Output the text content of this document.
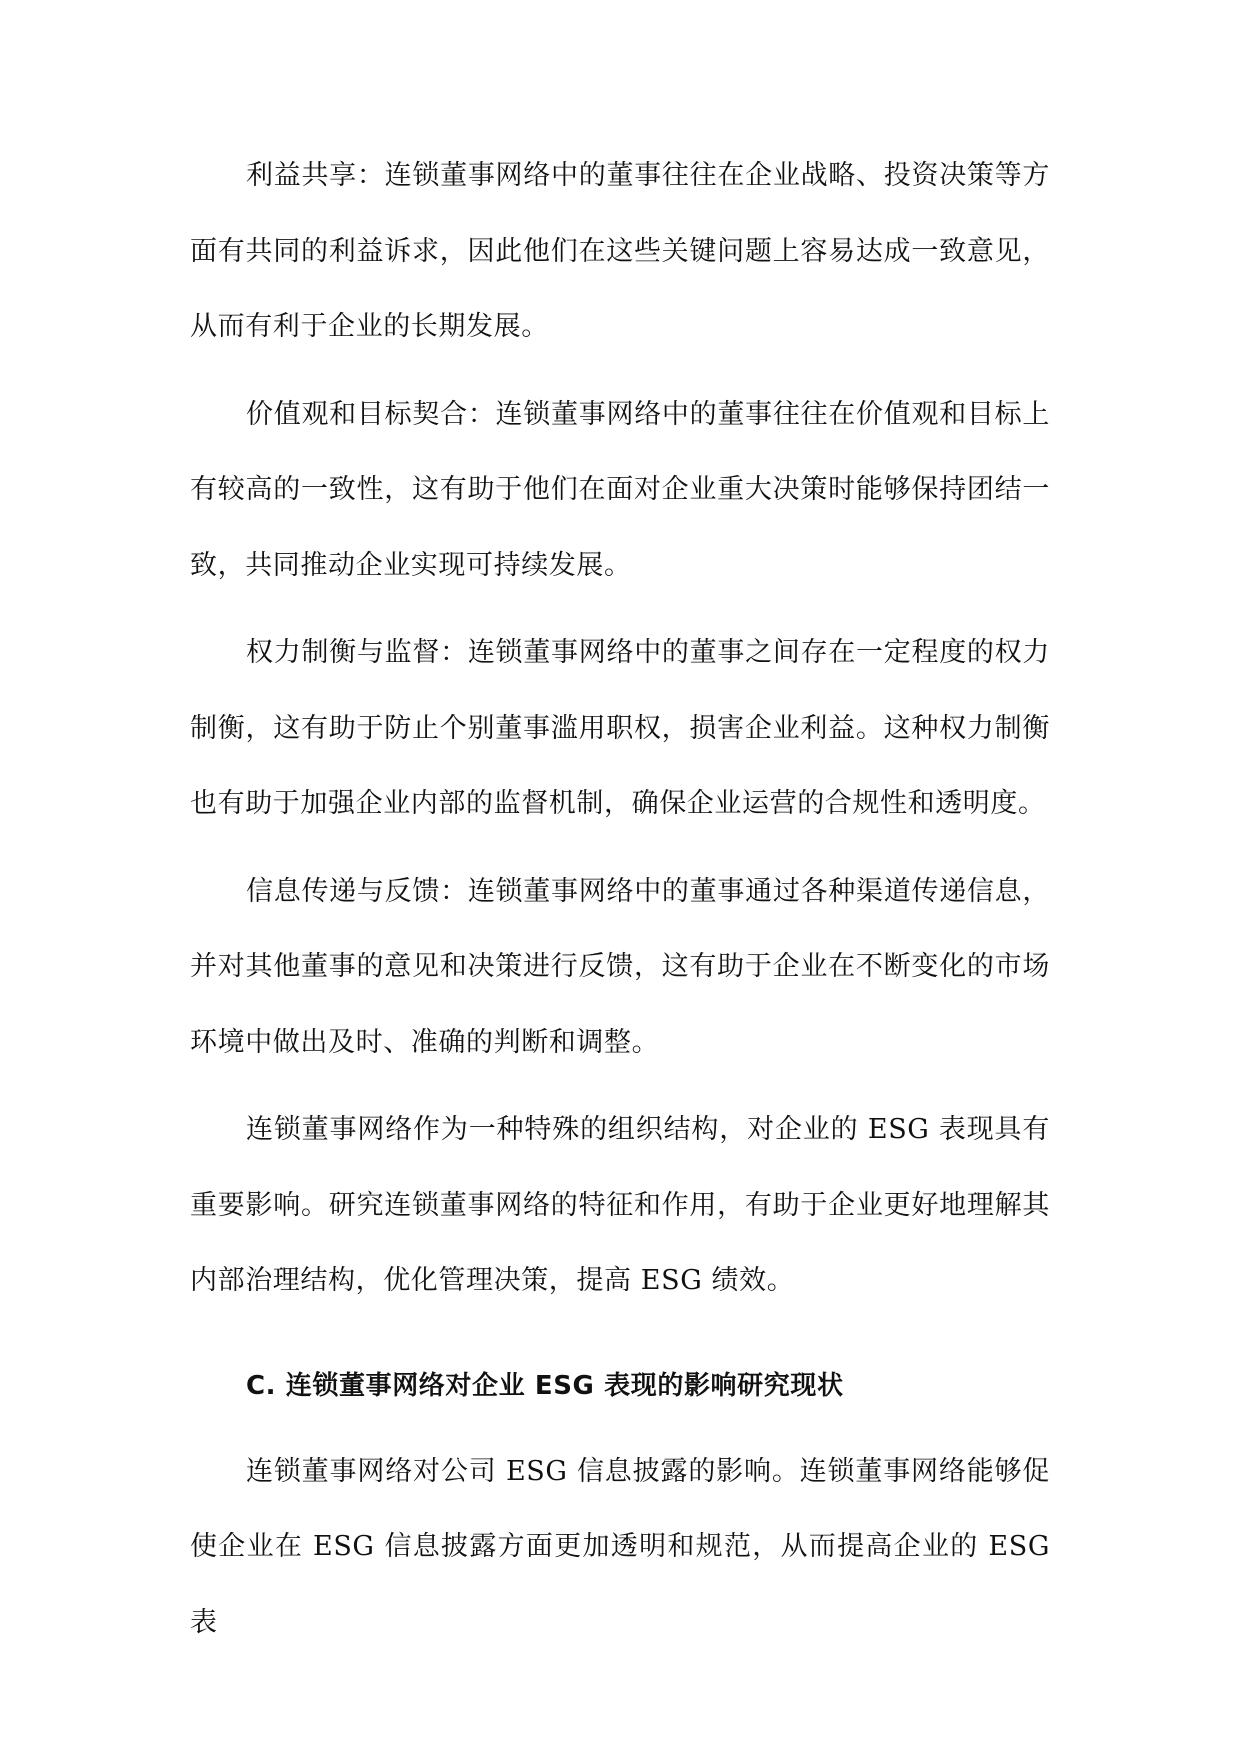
利益共享：连锁董事网络中的董事往往在企业战略、投资决策等方面有共同的利益诉求，因此他们在这些关键问题上容易达成一致意见，从而有利于企业的长期发展。

价值观和目标契合：连锁董事网络中的董事往往在价值观和目标上有较高的一致性，这有助于他们在面对企业重大决策时能够保持团结一致，共同推动企业实现可持续发展。

权力制衡与监督：连锁董事网络中的董事之间存在一定程度的权力制衡，这有助于防止个别董事滥用职权，损害企业利益。这种权力制衡也有助于加强企业内部的监督机制，确保企业运营的合规性和透明度。

信息传递与反馈：连锁董事网络中的董事通过各种渠道传递信息，并对其他董事的意见和决策进行反馈，这有助于企业在不断变化的市场环境中做出及时、准确的判断和调整。

连锁董事网络作为一种特殊的组织结构，对企业的 ESG 表现具有重要影响。研究连锁董事网络的特征和作用，有助于企业更好地理解其内部治理结构，优化管理决策，提高 ESG 绩效。

C. 连锁董事网络对企业 ESG 表现的影响研究现状

连锁董事网络对公司 ESG 信息披露的影响。连锁董事网络能够促使企业在 ESG 信息披露方面更加透明和规范，从而提高企业的 ESG 表
